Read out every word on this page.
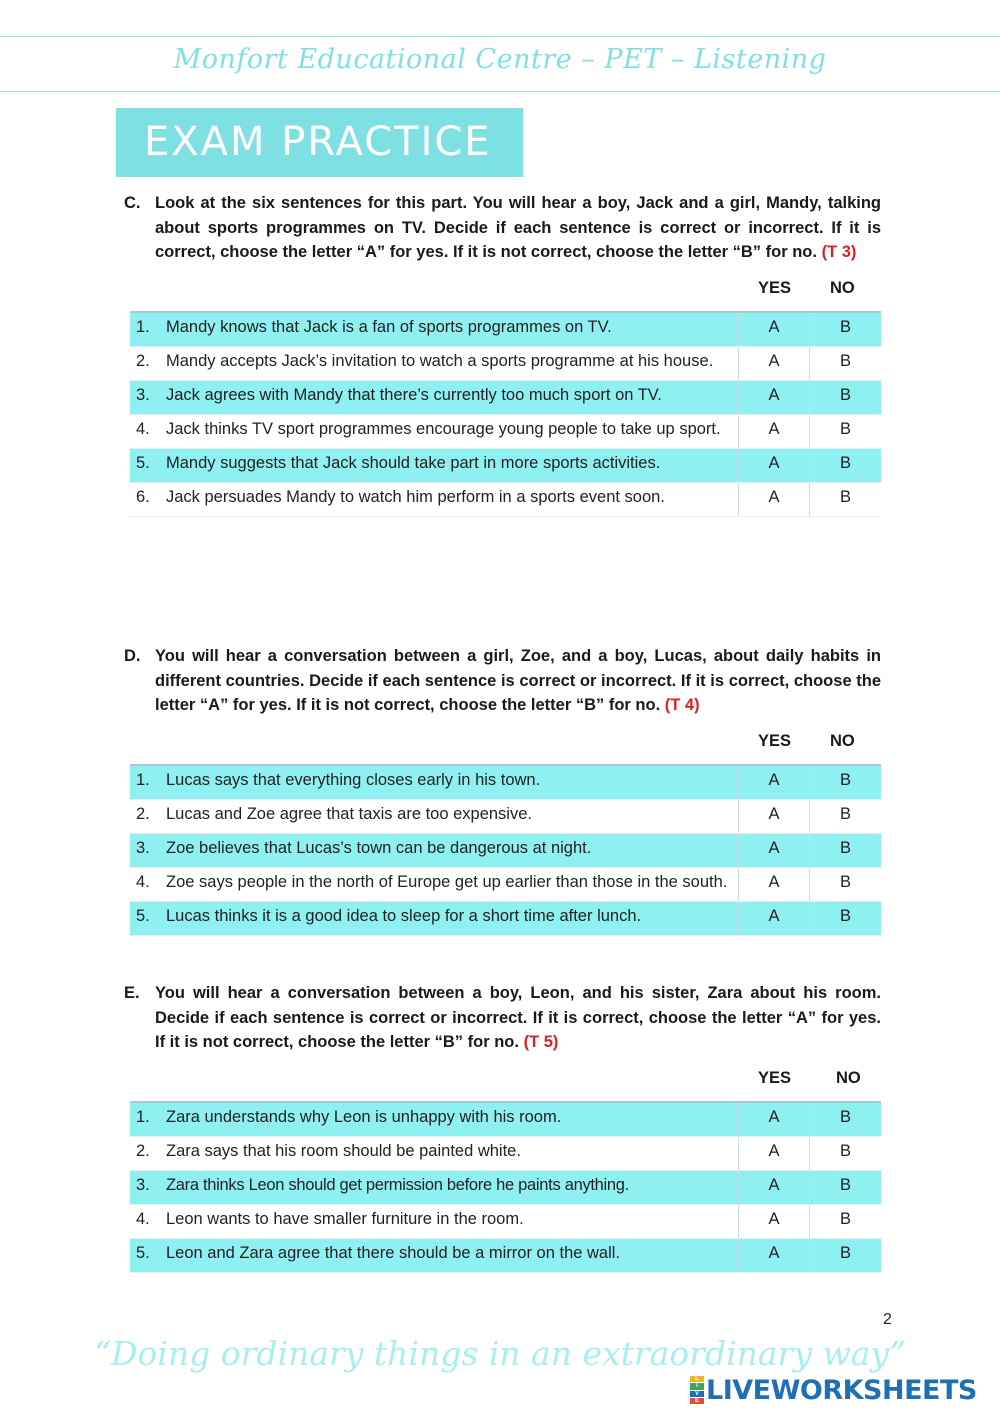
Monfort Educational Centre – PET – Listening
EXAM PRACTICE
C. Look at the six sentences for this part. You will hear a boy, Jack and a girl, Mandy, talking about sports programmes on TV. Decide if each sentence is correct or incorrect. If it is correct, choose the letter “A” for yes. If it is not correct, choose the letter “B” for no. (T 3)
YES NO
1. Mandy knows that Jack is a fan of sports programmes on TV.	A	B

2. Mandy accepts Jack’s invitation to watch a sports programme at his house.	A	B

3. Jack agrees with Mandy that there’s currently too much sport on TV.	A	B

4. Jack thinks TV sport programmes encourage young people to take up sport.	A	B

5. Mandy suggests that Jack should take part in more sports activities.	A	B

6. Jack persuades Mandy to watch him perform in a sports event soon.	A	B
D. You will hear a conversation between a girl, Zoe, and a boy, Lucas, about daily habits in different countries. Decide if each sentence is correct or incorrect. If it is correct, choose the letter “A” for yes. If it is not correct, choose the letter “B” for no. (T 4)
YES NO
1. Lucas says that everything closes early in his town.	A	B

2. Lucas and Zoe agree that taxis are too expensive.	A	B

3. Zoe believes that Lucas’s town can be dangerous at night.	A	B

4. Zoe says people in the north of Europe get up earlier than those in the south.	A	B

5. Lucas thinks it is a good idea to sleep for a short time after lunch.	A	B
E. You will hear a conversation between a boy, Leon, and his sister, Zara about his room. Decide if each sentence is correct or incorrect. If it is correct, choose the letter “A” for yes. If it is not correct, choose the letter “B” for no. (T 5)
YES	NO
1. Zara understands why Leon is unhappy with his room.	A	B

2. Zara says that his room should be painted white.	A	B

3. Zara thinks Leon should get permission before he paints anything.	A	B

4. Leon wants to have smaller furniture in the room.	A	B

5. Leon and Zara agree that there should be a mirror on the wall.	A	B
2
“Doing ordinary things in an extraordinary way”
L
I
V
E LIVEWORKSHEETS
